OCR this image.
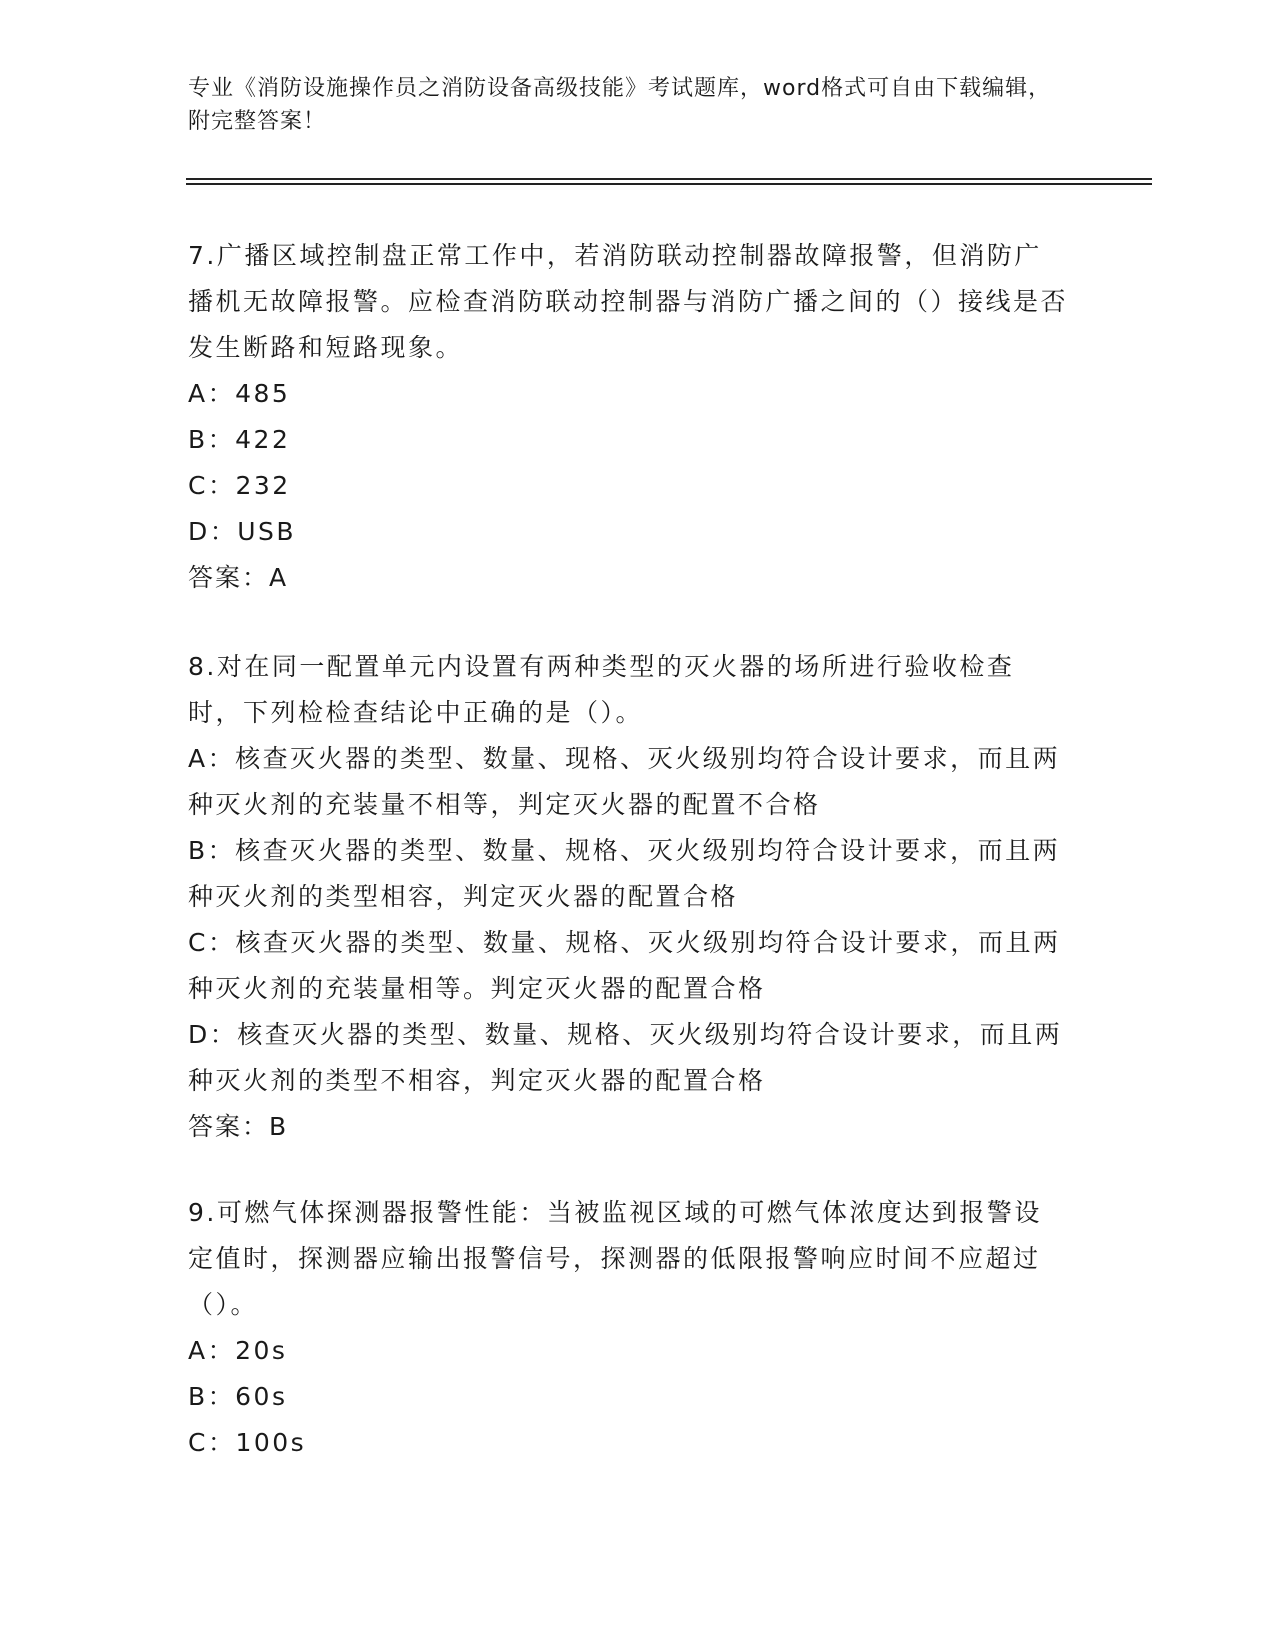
专业《消防设施操作员之消防设备高级技能》考试题库，word格式可自由下载编辑，附完整答案！

7.广播区域控制盘正常工作中，若消防联动控制器故障报警，但消防广播机无故障报警。应检查消防联动控制器与消防广播之间的（）接线是否发生断路和短路现象。

A：485

B：422

C：232

D：USB

答案：A

8.对在同一配置单元内设置有两种类型的灭火器的场所进行验收检查时，下列检检查结论中正确的是（）。

A：核查灭火器的类型、数量、现格、灭火级别均符合设计要求，而且两种灭火剂的充装量不相等，判定灭火器的配置不合格

B：核查灭火器的类型、数量、规格、灭火级别均符合设计要求，而且两种灭火剂的类型相容，判定灭火器的配置合格

C：核查灭火器的类型、数量、规格、灭火级别均符合设计要求，而且两种灭火剂的充装量相等。判定灭火器的配置合格

D：核查灭火器的类型、数量、规格、灭火级别均符合设计要求，而且两种灭火剂的类型不相容，判定灭火器的配置合格

答案：B

9.可燃气体探测器报警性能：当被监视区域的可燃气体浓度达到报警设定值时，探测器应输出报警信号，探测器的低限报警响应时间不应超过（）。

A：20s

B：60s

C：100s
